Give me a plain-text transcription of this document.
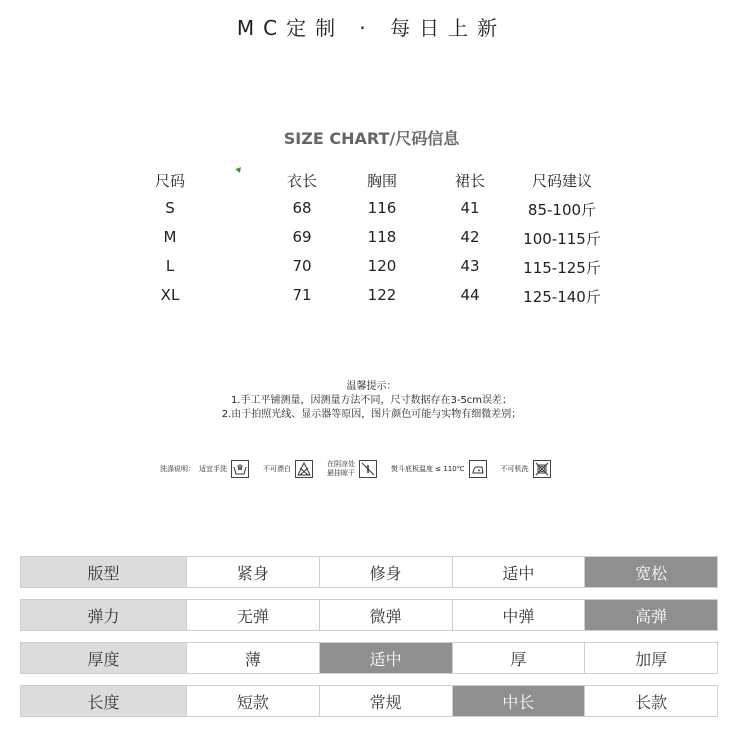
MC定制 · 每日上新
SIZE CHART/尺码信息
尺码	衣长	胸围	裙长	尺码建议
S	68	116	41	85-100斤
M	69	118	42	100-115斤
L	70	120	43	115-125斤
XL	71	122	44	125-140斤
温馨提示：
1.手工平铺测量，因测量方法不同，尺寸数据存在3-5cm误差；
2.由于拍照光线、显示器等原因，图片颜色可能与实物有细微差别；
洗涤说明： 适宜手洗	不可漂白
在阴凉处
悬挂晾干
熨斗底板温度 ≤ 110℃	不可机洗
版型	紧身	修身	适中	宽松
弹力	无弹	微弹	中弹	高弹
厚度	薄	适中	厚	加厚
长度	短款	常规	中长	长款
